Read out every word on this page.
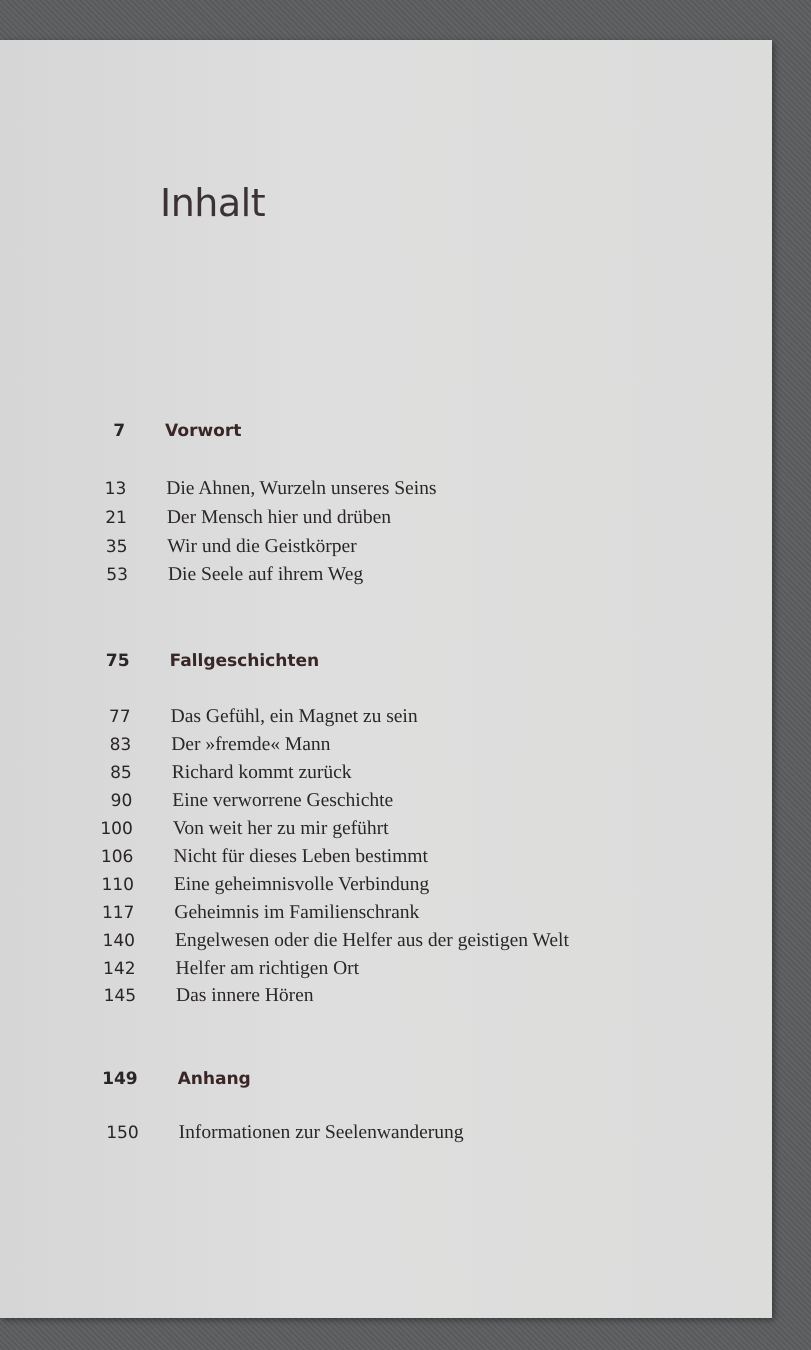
Inhalt
7 Vorwort
13 Die Ahnen, Wurzeln unseres Seins
21 Der Mensch hier und drüben
35 Wir und die Geistkörper
53 Die Seele auf ihrem Weg
75 Fallgeschichten
77 Das Gefühl, ein Magnet zu sein
83 Der »fremde« Mann
85 Richard kommt zurück
90 Eine verworrene Geschichte
100 Von weit her zu mir geführt
106 Nicht für dieses Leben bestimmt
110 Eine geheimnisvolle Verbindung
117 Geheimnis im Familienschrank
140 Engelwesen oder die Helfer aus der geistigen Welt
142 Helfer am richtigen Ort
145 Das innere Hören
149 Anhang
150 Informationen zur Seelenwanderung
